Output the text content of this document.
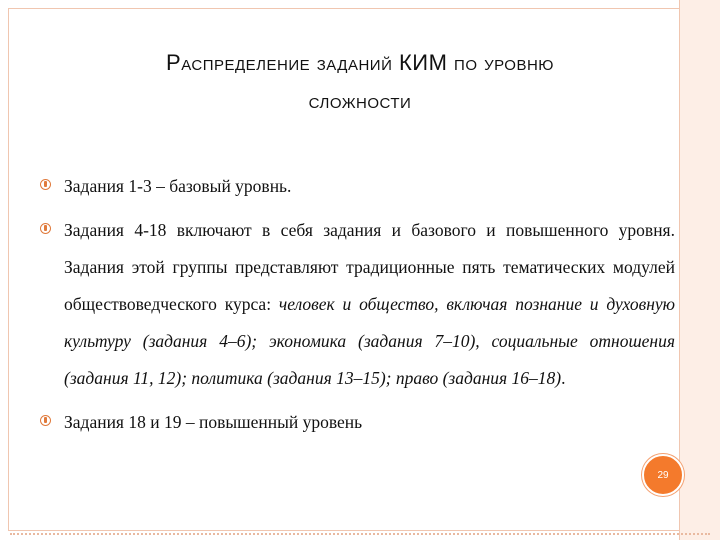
Распределение заданий КИМ по уровню
сложности
Задания 1-3 – базовый уровнь.
Задания 4-18 включают в себя задания и базового и повышенного уровня. Задания этой группы представляют традиционные пять тематических модулей обществоведческого курса: человек и общество, включая познание и духовную культуру (задания 4–6); экономика (задания 7–10), социальные отношения (задания 11, 12); политика (задания 13–15); право (задания 16–18).
Задания 18 и 19 – повышенный уровень
29
